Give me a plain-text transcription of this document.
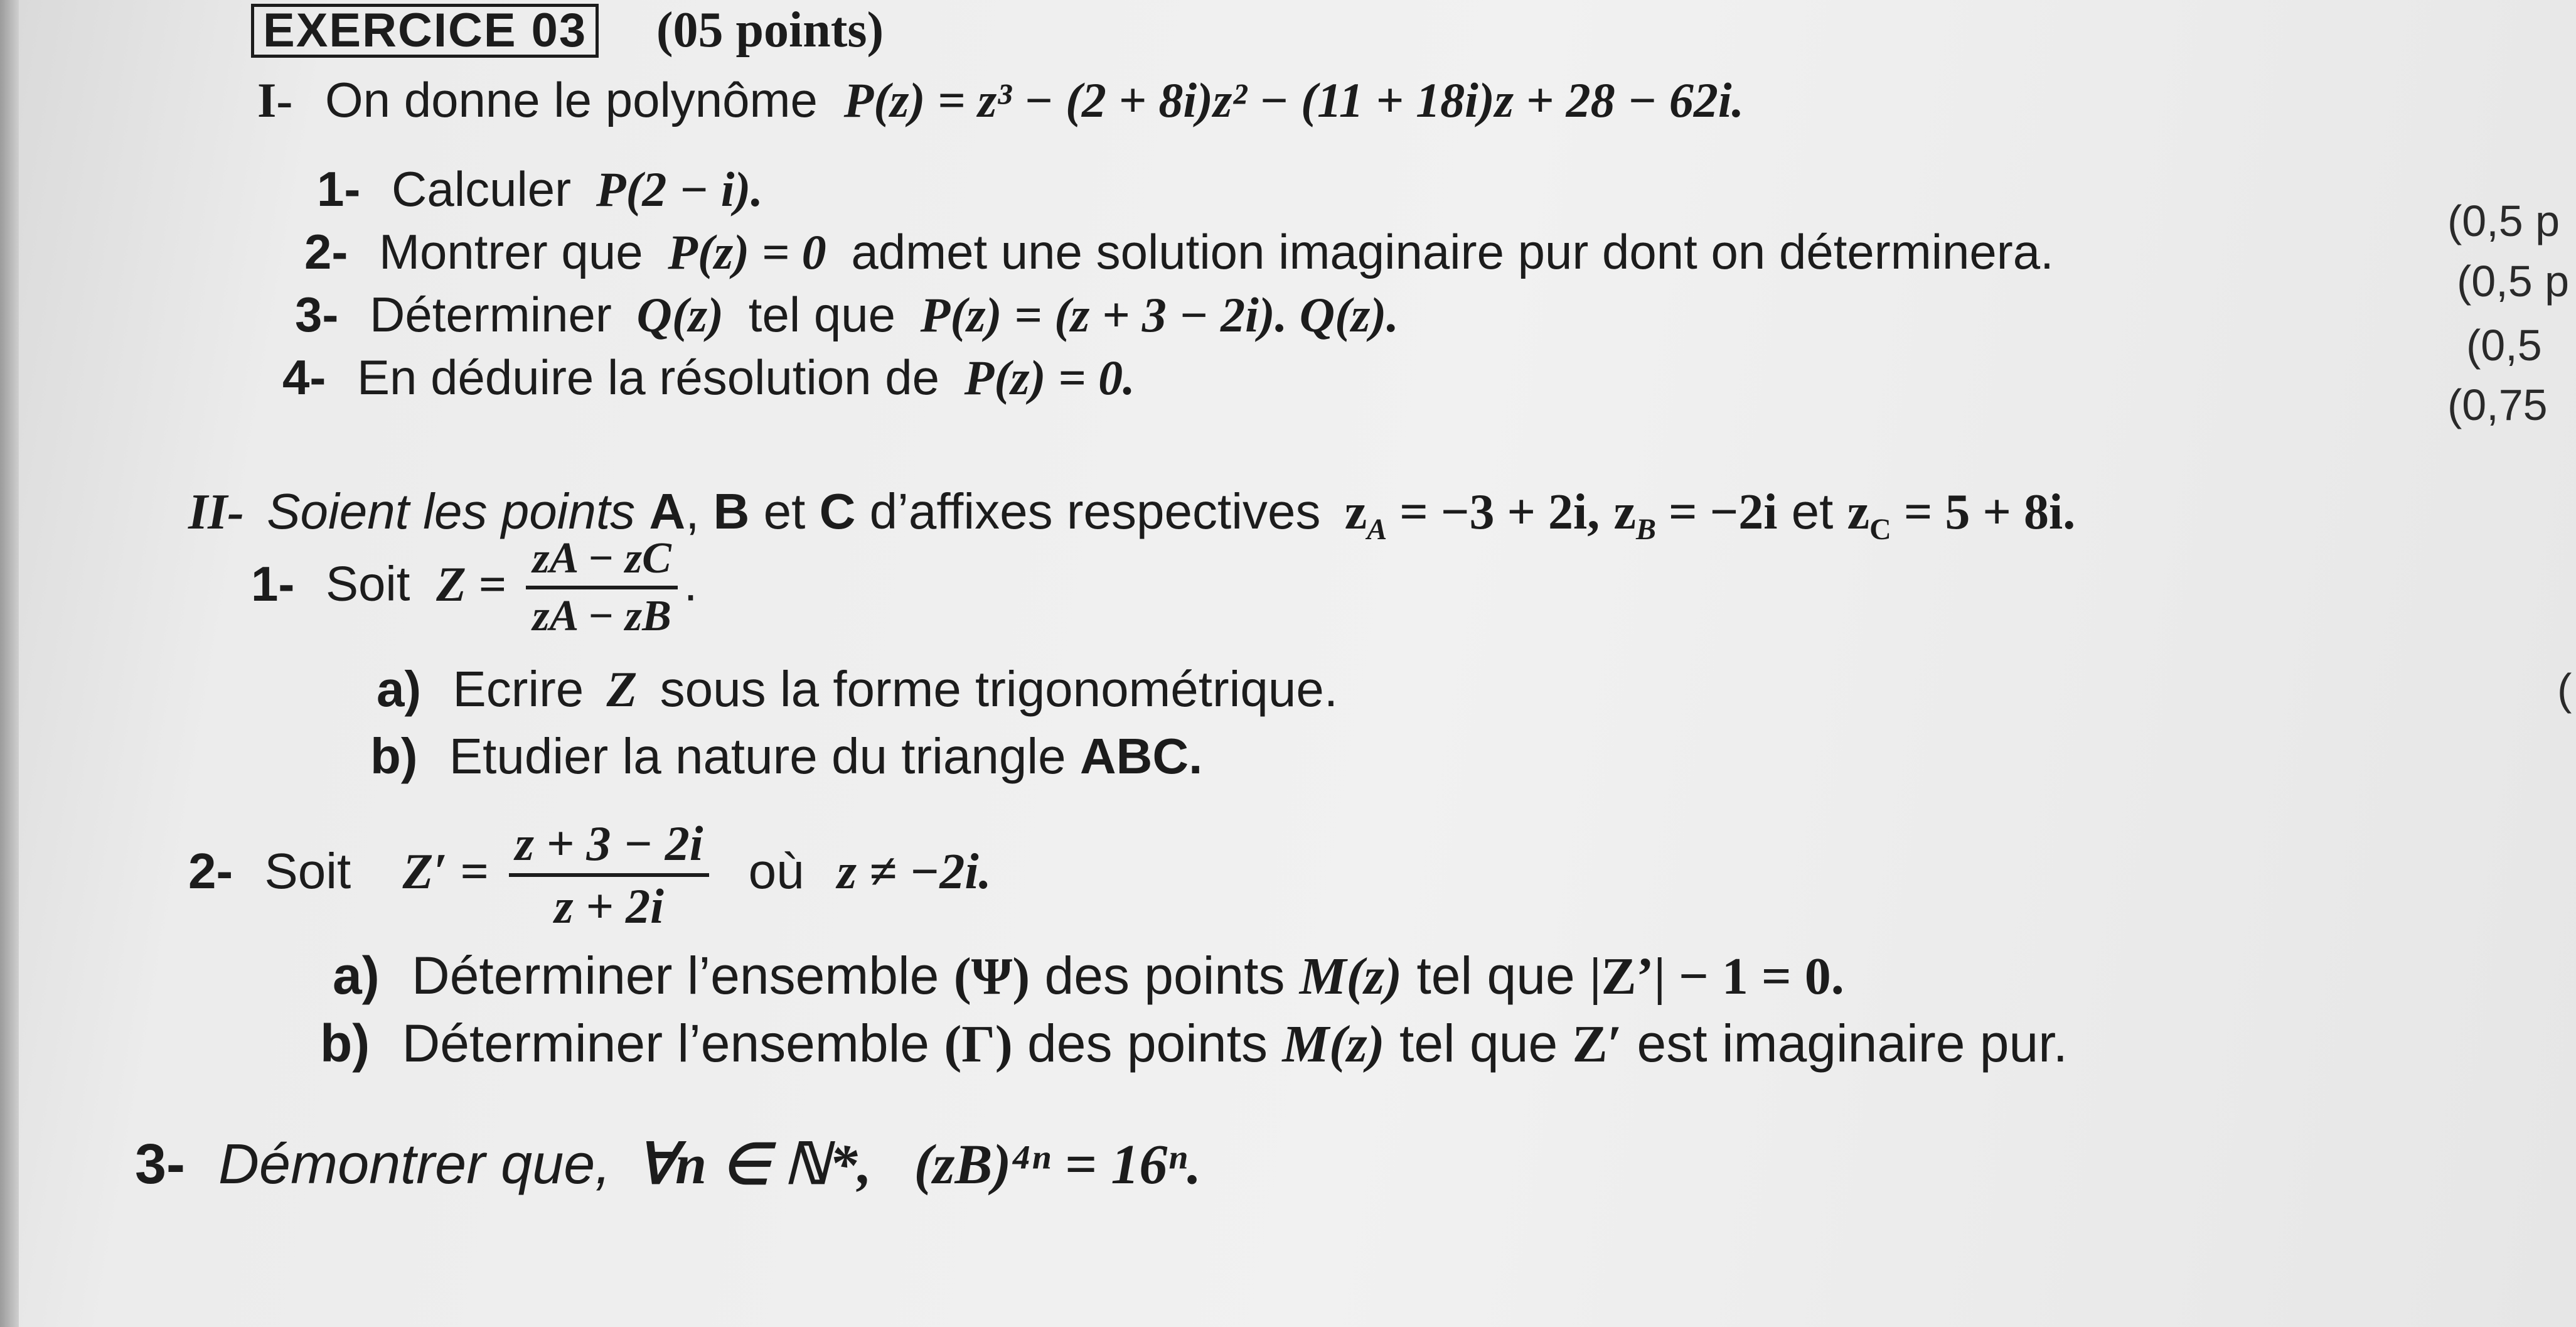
EXERCICE 03 (05 points)
I- On donne le polynôme P(z) = z³ − (2 + 8i)z² − (11 + 18i)z + 28 − 62i.
1- Calculer P(2 − i).
2- Montrer que P(z) = 0 admet une solution imaginaire pur dont on déterminera.
3- Déterminer Q(z) tel que P(z) = (z + 3 − 2i). Q(z).
4- En déduire la résolution de P(z) = 0.
(0,5 p
(0,5 p
(0,5
(0,75
(
II- Soient les points A, B et C d’affixes respectives $z_A = -3 + 2i$, $z_B = -2i$ et $z_C = 5 + 8i$.
1- Soit $Z = \frac{zA - zC}{zA - zB}$ .
a) Ecrire Z sous la forme trigonométrique.
b) Etudier la nature du triangle ABC.
2- Soit $Z' = \frac{z + 3 - 2i}{z + 2i}$ où z ≠ −2i.
a) Déterminer l’ensemble (Ψ) des points M(z) tel que |Z’| − 1 = 0.
b) Déterminer l’ensemble (Γ) des points M(z) tel que Z′ est imaginaire pur.
3- Démontrer que, ∀n ∈ ℕ*,   (zB)⁴ⁿ = 16ⁿ.
